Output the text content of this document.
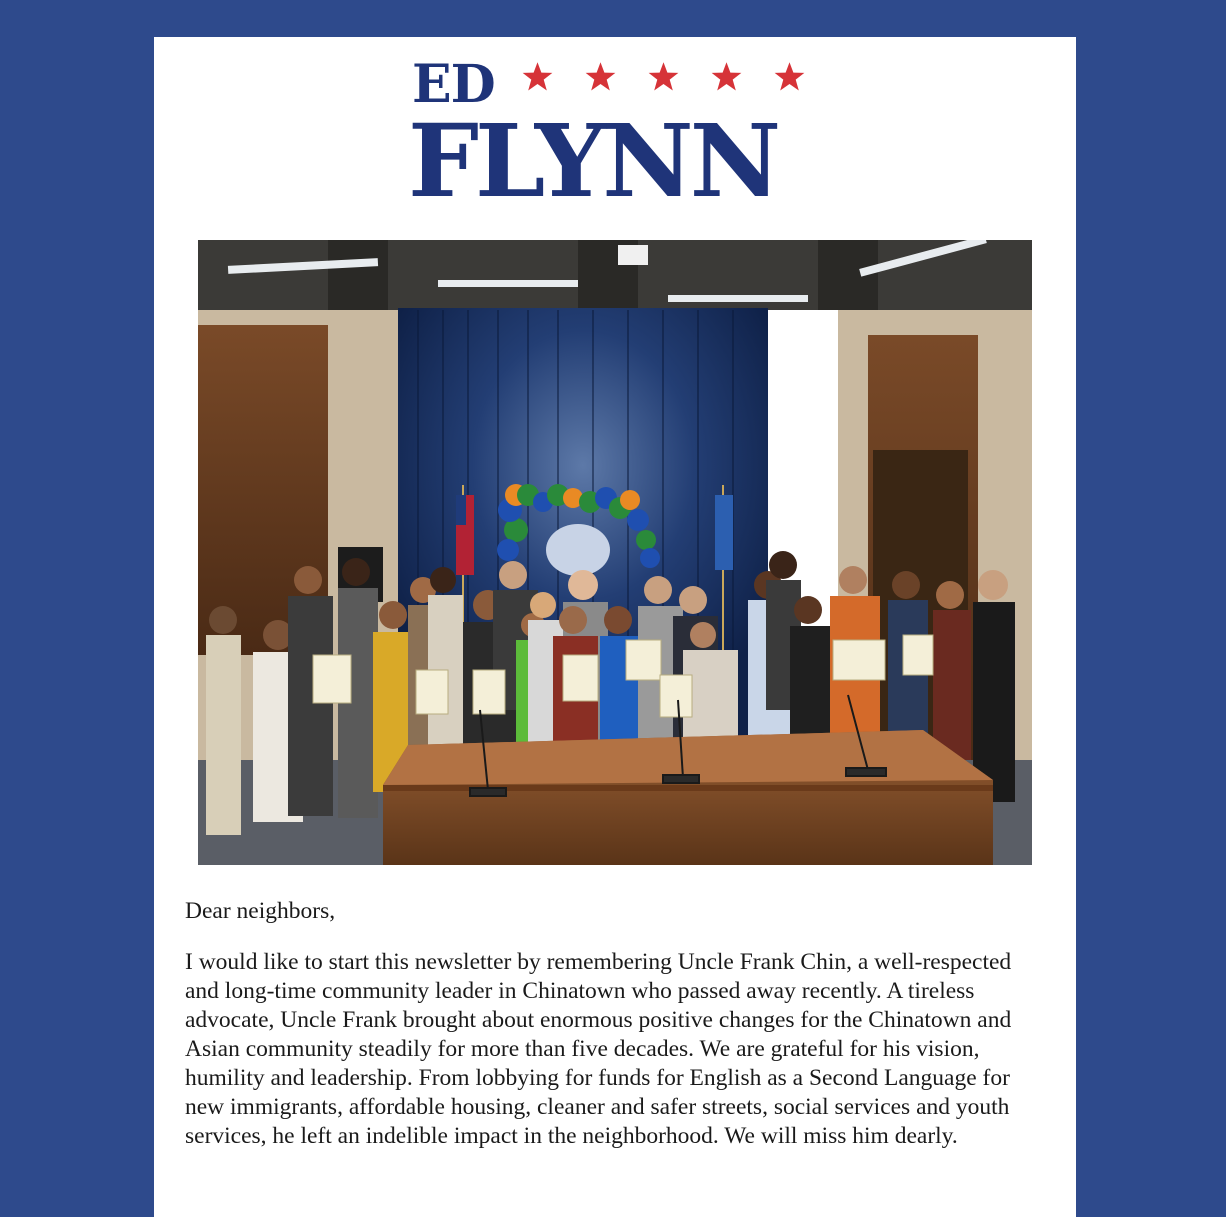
ED
FLYNN

Dear neighbors,

I would like to start this newsletter by remembering Uncle Frank Chin, a well-respected and long-time community leader in Chinatown who passed away recently. A tireless advocate, Uncle Frank brought about enormous positive changes for the Chinatown and Asian community steadily for more than five decades. We are grateful for his vision, humility and leadership. From lobbying for funds for English as a Second Language for new immigrants, affordable housing, cleaner and safer streets, social services and youth services, he left an indelible impact in the neighborhood. We will miss him dearly.
